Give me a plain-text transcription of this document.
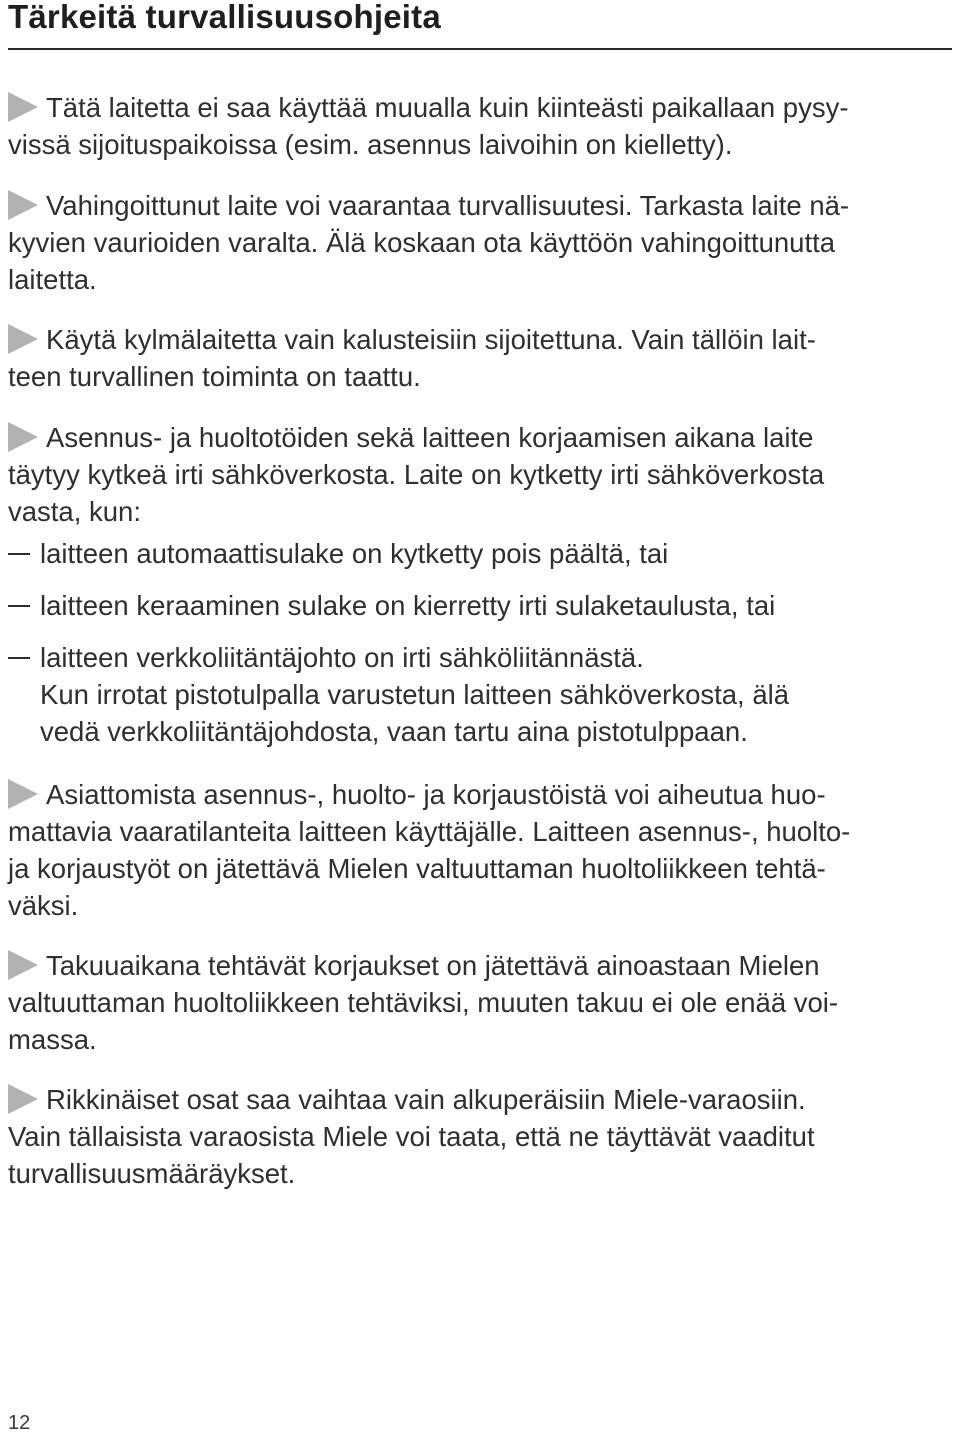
Tärkeitä turvallisuusohjeita
Tätä laitetta ei saa käyttää muualla kuin kiinteästi paikallaan pysy-
vissä sijoituspaikoissa (esim. asennus laivoihin on kielletty).
Vahingoittunut laite voi vaarantaa turvallisuutesi. Tarkasta laite nä-
kyvien vaurioiden varalta. Älä koskaan ota käyttöön vahingoittunutta
laitetta.
Käytä kylmälaitetta vain kalusteisiin sijoitettuna. Vain tällöin lait-
teen turvallinen toiminta on taattu.
Asennus- ja huoltotöiden sekä laitteen korjaamisen aikana laite
täytyy kytkeä irti sähköverkosta. Laite on kytketty irti sähköverkosta
vasta, kun:
laitteen automaattisulake on kytketty pois päältä, tai
laitteen keraaminen sulake on kierretty irti sulaketaulusta, tai
laitteen verkkoliitäntäjohto on irti sähköliitännästä.
Kun irrotat pistotulpalla varustetun laitteen sähköverkosta, älä
vedä verkkoliitäntäjohdosta, vaan tartu aina pistotulppaan.
Asiattomista asennus-, huolto- ja korjaustöistä voi aiheutua huo-
mattavia vaaratilanteita laitteen käyttäjälle. Laitteen asennus-, huolto-
ja korjaustyöt on jätettävä Mielen valtuuttaman huoltoliikkeen tehtä-
väksi.
Takuuaikana tehtävät korjaukset on jätettävä ainoastaan Mielen
valtuuttaman huoltoliikkeen tehtäviksi, muuten takuu ei ole enää voi-
massa.
Rikkinäiset osat saa vaihtaa vain alkuperäisiin Miele-varaosiin.
Vain tällaisista varaosista Miele voi taata, että ne täyttävät vaaditut
turvallisuusmääräykset.
12
